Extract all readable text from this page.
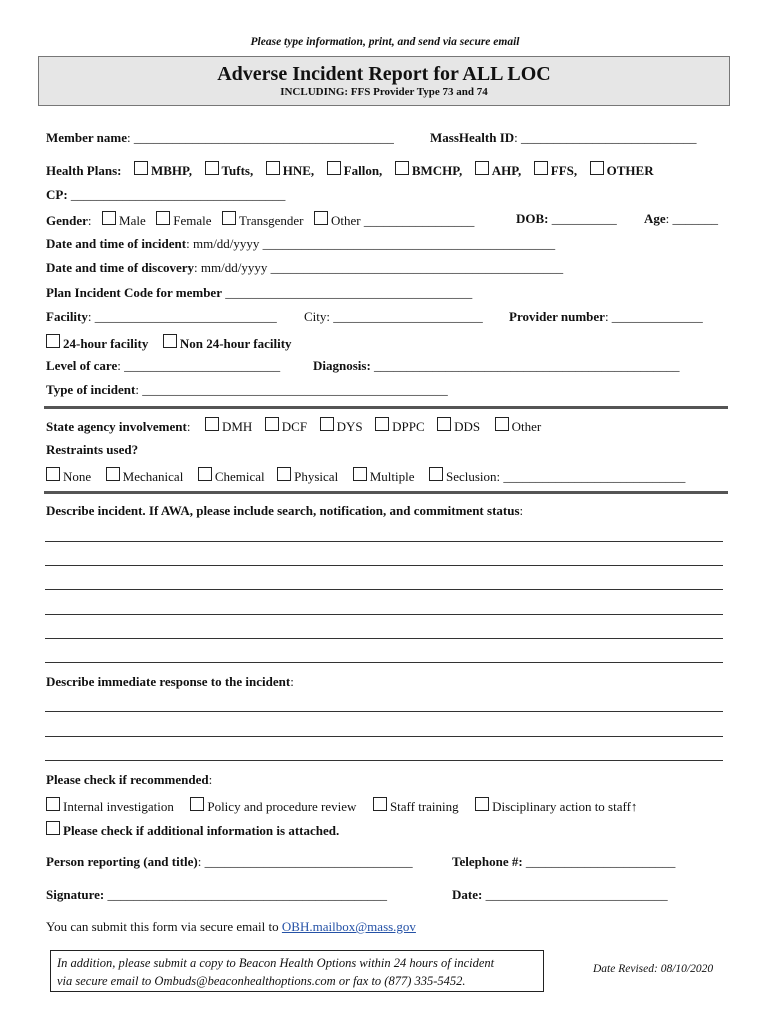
Please type information, print, and send via secure email
Adverse Incident Report for ALL LOC
INCLUDING: FFS Provider Type 73 and 74
Member name: ________________________________________	MassHealth ID: ___________________________
Health Plans: MBHP, Tufts, HNE, Fallon, BMCHP, AHP, FFS, OTHER
CP: _________________________________
Gender: Male Female Transgender Other _________________	DOB: __________ Age: _______
Date and time of incident: mm/dd/yyyy _____________________________________________
Date and time of discovery: mm/dd/yyyy _____________________________________________
Plan Incident Code for member ______________________________________
Facility: ____________________________ City: _______________________ Provider number: ______________
24-hour facility Non 24-hour facility
Level of care: ________________________	Diagnosis: _______________________________________________
Type of incident: _______________________________________________
State agency involvement: DMH DCF DYS DPPC DDS Other
Restraints used?
None Mechanical Chemical Physical Multiple Seclusion: ____________________________
Describe incident. If AWA, please include search, notification, and commitment status:
Describe immediate response to the incident:
Please check if recommended:
Internal investigation	Policy and procedure review	Staff training	Disciplinary action to staff↑
Please check if additional information is attached.
Person reporting (and title): ________________________________	Telephone #: _______________________
Signature: ___________________________________________	Date: ____________________________
You can submit this form via secure email to OBH.mailbox@mass.gov
In addition, please submit a copy to Beacon Health Options within 24 hours of incident
via secure email to Ombuds@beaconhealthoptions.com or fax to (877) 335-5452.
Date Revised: 08/10/2020
